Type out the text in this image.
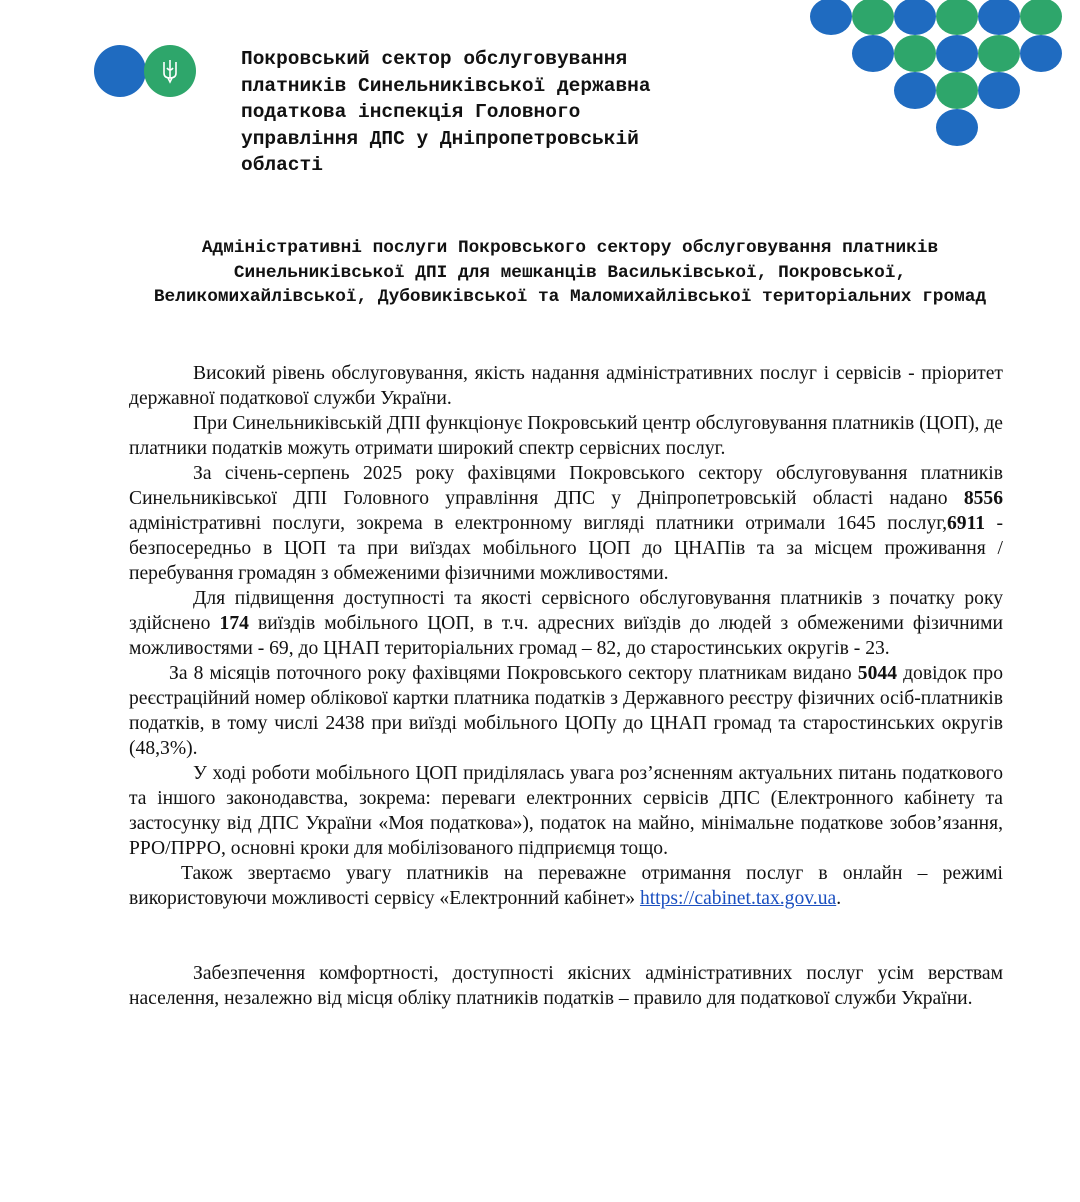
Покровський сектор обслуговування
платників Синельниківської державна
податкова інспекція Головного
управління ДПС у Дніпропетровській
області
Адміністративні послуги Покровського сектору обслуговування платників Синельниківської ДПІ для мешканців Васильківської, Покровської, Великомихайлівської, Дубовиківської та Маломихайлівської територіальних громад

Високий рівень обслуговування, якість надання адміністративних послуг і сервісів - пріоритет державної податкової служби України.

При Синельниківській ДПІ функціонує Покровський центр обслуговування платників (ЦОП), де платники податків можуть отримати широкий спектр сервісних послуг.

За січень-серпень 2025 року фахівцями Покровського сектору обслуговування платників Синельниківської ДПІ Головного управління ДПС у Дніпропетровській області надано 8556 адміністративні послуги, зокрема в електронному вигляді платники отримали 1645 послуг,6911 - безпосередньо в ЦОП та при виїздах мобільного ЦОП до ЦНАПів та за місцем проживання / перебування громадян з обмеженими фізичними можливостями.

Для підвищення доступності та якості сервісного обслуговування платників з початку року здійснено 174 виїздів мобільного ЦОП, в т.ч. адресних виїздів до людей з обмеженими фізичними можливостями - 69, до ЦНАП територіальних громад – 82, до старостинських округів - 23.

За 8 місяців поточного року фахівцями Покровського сектору платникам видано 5044 довідок про реєстраційний номер облікової картки платника податків з Державного реєстру фізичних осіб-платників податків, в тому числі 2438 при виїзді мобільного ЦОПу до ЦНАП громад та старостинських округів (48,3%).

У ході роботи мобільного ЦОП приділялась увага роз’ясненням актуальних питань податкового та іншого законодавства, зокрема: переваги електронних сервісів ДПС (Електронного кабінету та застосунку від ДПС України «Моя податкова»), податок на майно, мінімальне податкове зобов’язання, РРО/ПРРО, основні кроки для мобілізованого підприємця тощо.

Також звертаємо увагу платників на переважне отримання послуг в онлайн – режимі використовуючи можливості сервісу «Електронний кабінет» https://cabinet.tax.gov.ua.

Забезпечення комфортності, доступності якісних адміністративних послуг усім верствам населення, незалежно від місця обліку платників податків – правило для податкової служби України.
